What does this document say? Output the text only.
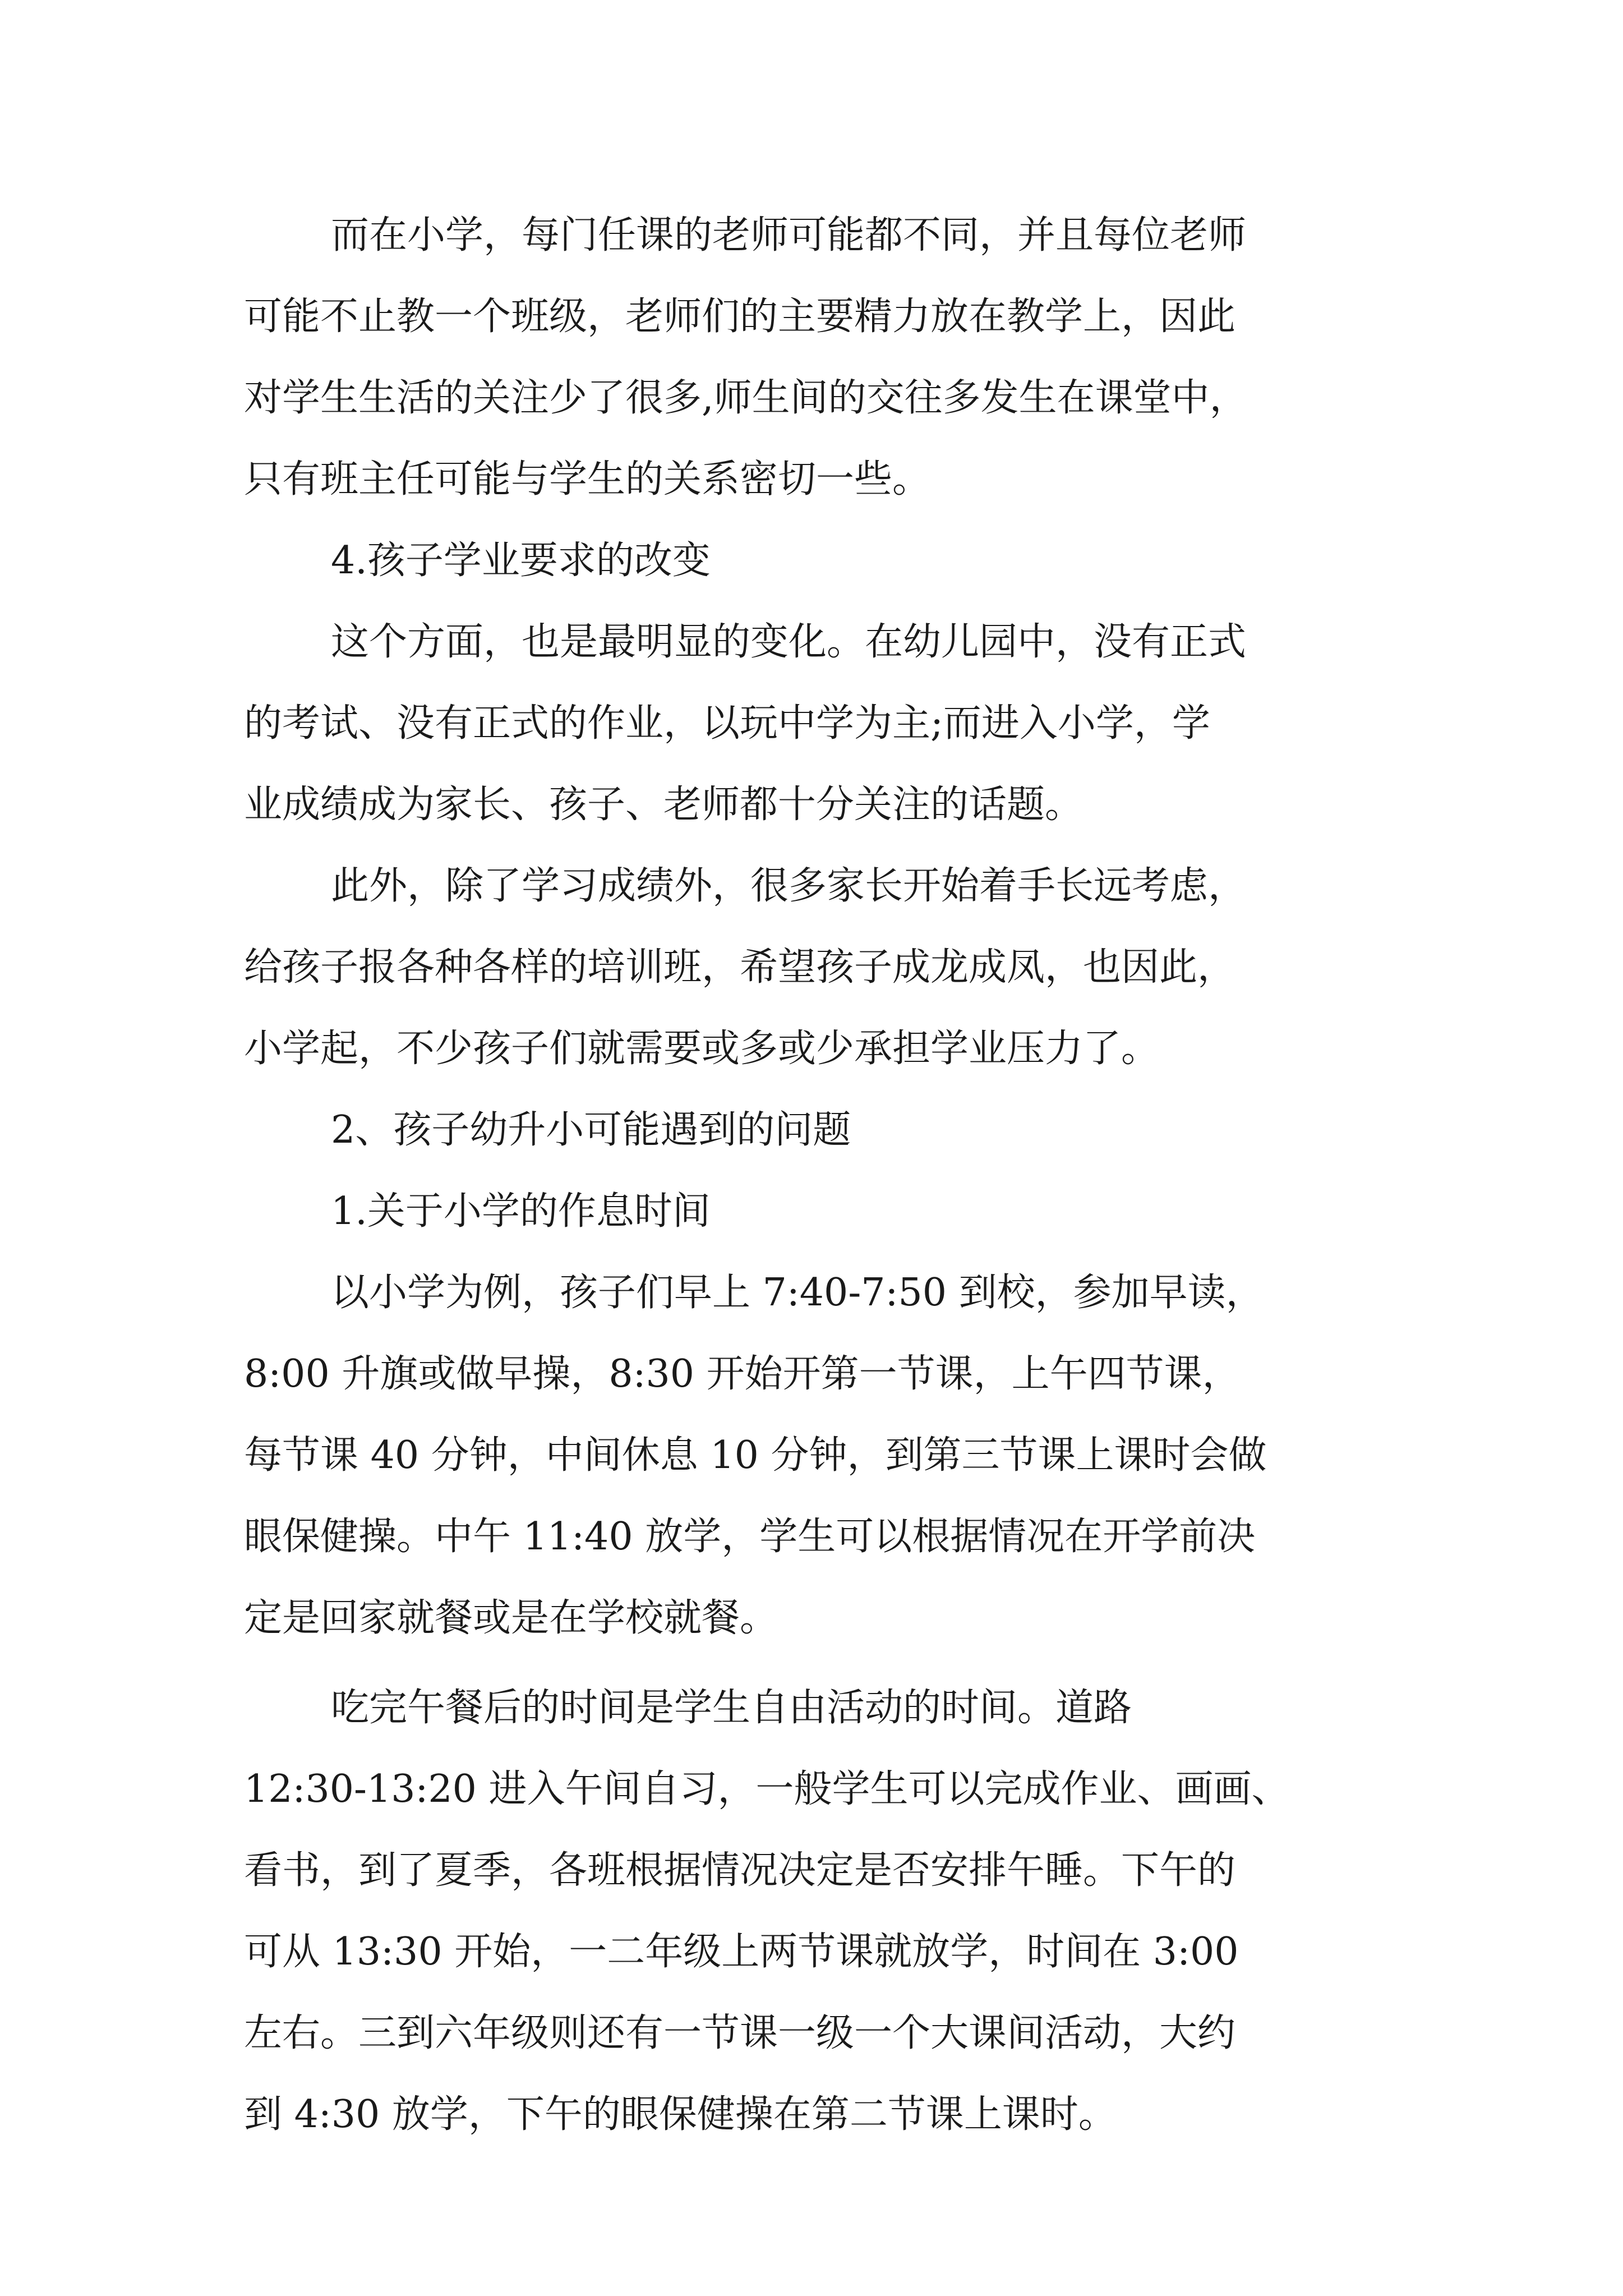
而在小学，每门任课的老师可能都不同，并且每位老师
可能不止教一个班级，老师们的主要精力放在教学上，因此
对学生生活的关注少了很多,师生间的交往多发生在课堂中，
只有班主任可能与学生的关系密切一些。
4.孩子学业要求的改变
这个方面，也是最明显的变化。在幼儿园中，没有正式
的考试、没有正式的作业，以玩中学为主;而进入小学，学
业成绩成为家长、孩子、老师都十分关注的话题。
此外，除了学习成绩外，很多家长开始着手长远考虑，
给孩子报各种各样的培训班，希望孩子成龙成凤，也因此，
小学起，不少孩子们就需要或多或少承担学业压力了。
2、孩子幼升小可能遇到的问题
1.关于小学的作息时间
以小学为例，孩子们早上 7:40-7:50 到校，参加早读，
8:00 升旗或做早操，8:30 开始开第一节课，上午四节课，
每节课 40 分钟，中间休息 10 分钟，到第三节课上课时会做
眼保健操。中午 11:40 放学，学生可以根据情况在开学前决
定是回家就餐或是在学校就餐。
吃完午餐后的时间是学生自由活动的时间。道路
12:30-13:20 进入午间自习，一般学生可以完成作业、画画、
看书，到了夏季，各班根据情况决定是否安排午睡。下午的
可从 13:30 开始，一二年级上两节课就放学，时间在 3:00
左右。三到六年级则还有一节课一级一个大课间活动，大约
到 4:30 放学，下午的眼保健操在第二节课上课时。
